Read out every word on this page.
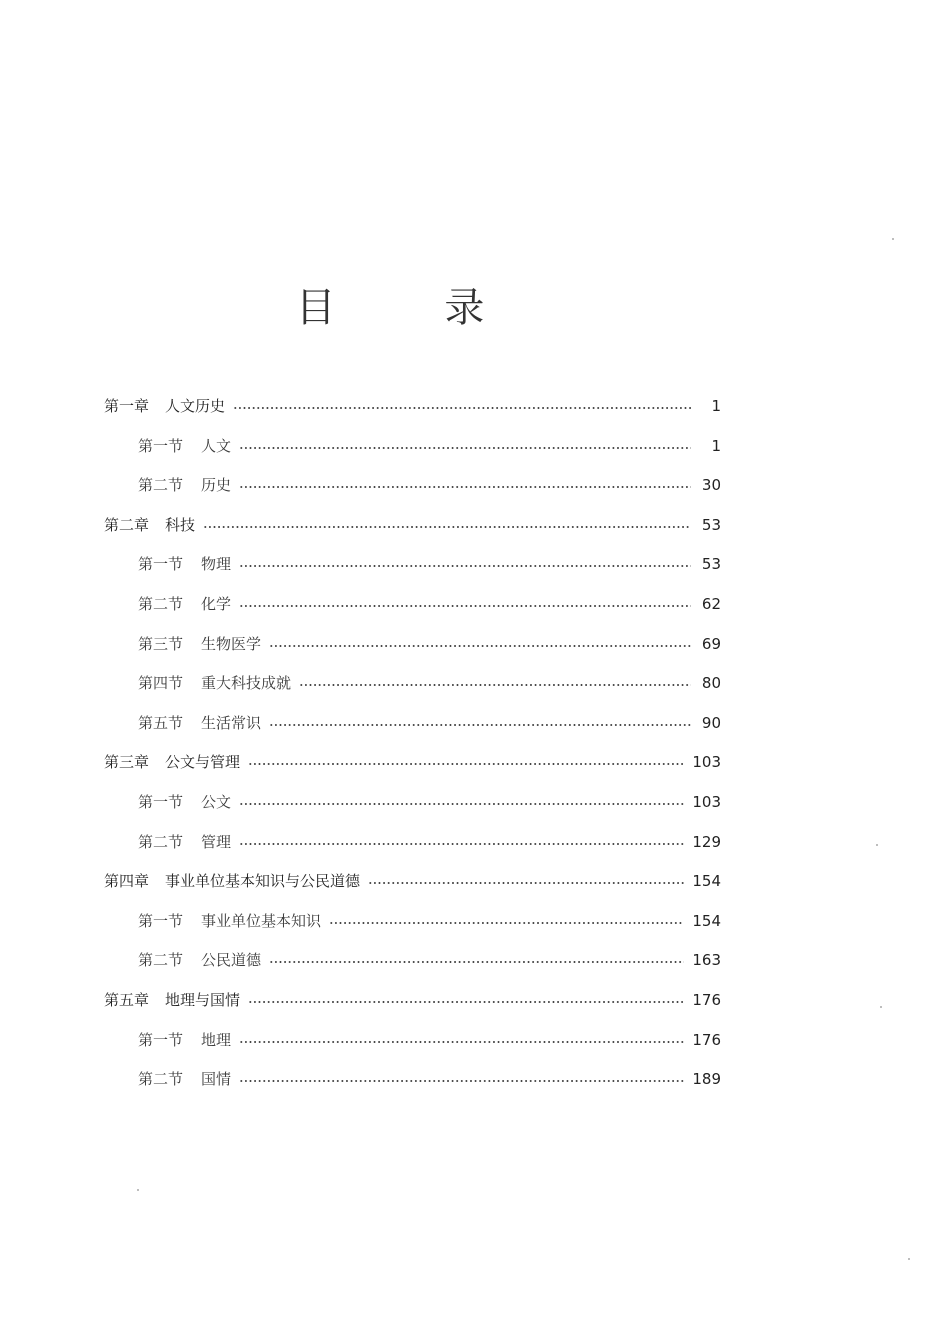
目 录
第一章 人文历史	1
第一节 人文	1
第二节 历史	30
第二章 科技	53
第一节 物理	53
第二节 化学	62
第三节 生物医学	69
第四节 重大科技成就	80
第五节 生活常识	90
第三章 公文与管理	103
第一节 公文	103
第二节 管理	129
第四章 事业单位基本知识与公民道德	154
第一节 事业单位基本知识	154
第二节 公民道德	163
第五章 地理与国情	176
第一节 地理	176
第二节 国情	189
